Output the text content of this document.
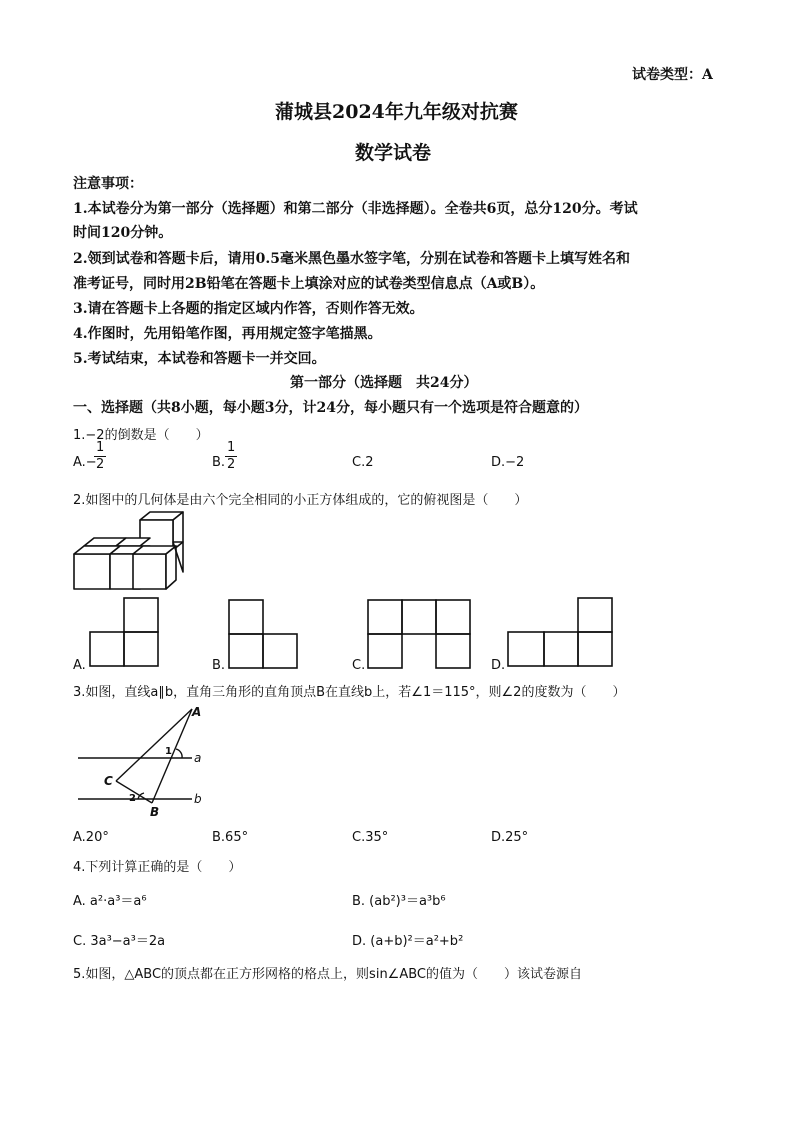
试卷类型：A
蒲城县2024年九年级对抗赛
数学试卷
注意事项：
1.本试卷分为第一部分（选择题）和第二部分（非选择题）。全卷共6页，总分120分。考试
时间120分钟。
2.领到试卷和答题卡后，请用0.5毫米黑色墨水签字笔，分别在试卷和答题卡上填写姓名和
准考证号，同时用2B铅笔在答题卡上填涂对应的试卷类型信息点（A或B）。
3.请在答题卡上各题的指定区域内作答，否则作答无效。
4.作图时，先用铅笔作图，再用规定签字笔描黑。
5.考试结束，本试卷和答题卡一并交回。
第一部分（选择题　共24分）
一、选择题（共8小题，每小题3分，计24分，每小题只有一个选项是符合题意的）
1.−2的倒数是（　　）
A.−
$\frac{1}{2}$	B. $\frac{1}{2}$	C.2	D.−2
2.如图中的几何体是由六个完全相同的小正方体组成的，它的俯视图是（　　）
A.	B.	C.	D.
3.如图，直线a∥b，直角三角形的直角顶点B在直线b上，若∠1＝115°，则∠2的度数为（　　）
A
C
B
1
2
a
b
A.20°	B.65°	C.35°	D.25°
4.下列计算正确的是（　　）
A. a²·a³＝a⁶	B. (ab²)³＝a³b⁶
C. 3a³−a³＝2a	D. (a+b)²＝a²+b²
5.如图，△ABC的顶点都在正方形网格的格点上，则sin∠ABC的值为（　　）该试卷源自
